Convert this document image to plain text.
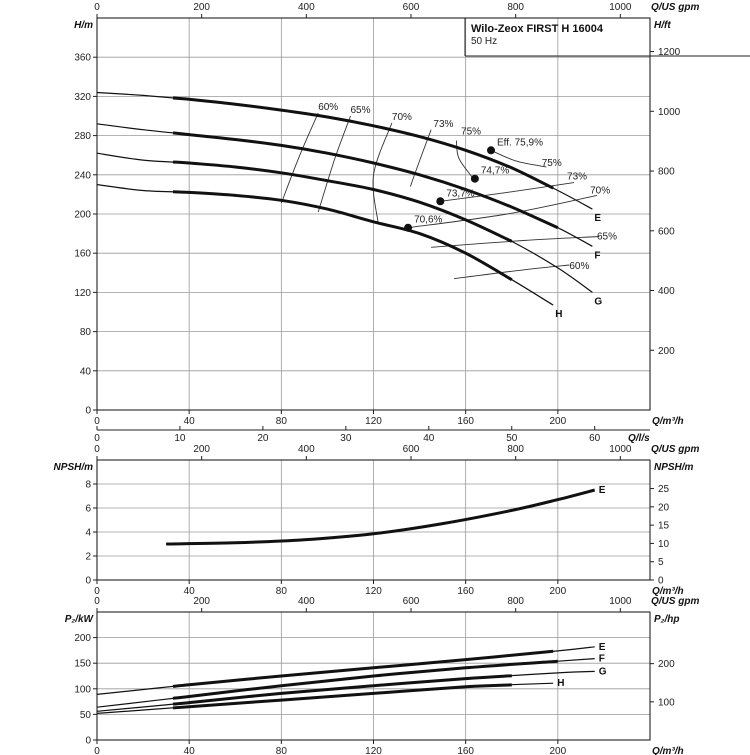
0	40	80	120	160	200	Q/m³/h
0	200	400	600	800	1000 Q/US gpm
0
40
80
120
160
200
240
280
320
360
H/m
200
400
600
800
1000
1200
H/ft
0	10	20	30	40	50	60	Q/l/s
Wilo-Zeox FIRST H 16004
50 Hz
E
F
G
H
Eff. 75,9%
74,7%
73,7%
70,6%
60% 65%
70%
73%
75%
75%
73%
70%
65%
60%
0	40	80	120	160	200	Q/m³/h
0	200	400	600	800	1000 Q/US gpm
0
2
4
6
8
NPSH/m
0
5
10
15
20
25
NPSH/m
E
0	40	80	120	160	200	Q/m³/h
0	200	400	600	800	1000 Q/US gpm
0
50
100
150
200
P₂/kW
100
200
P₂/hp
E
F
G
H
